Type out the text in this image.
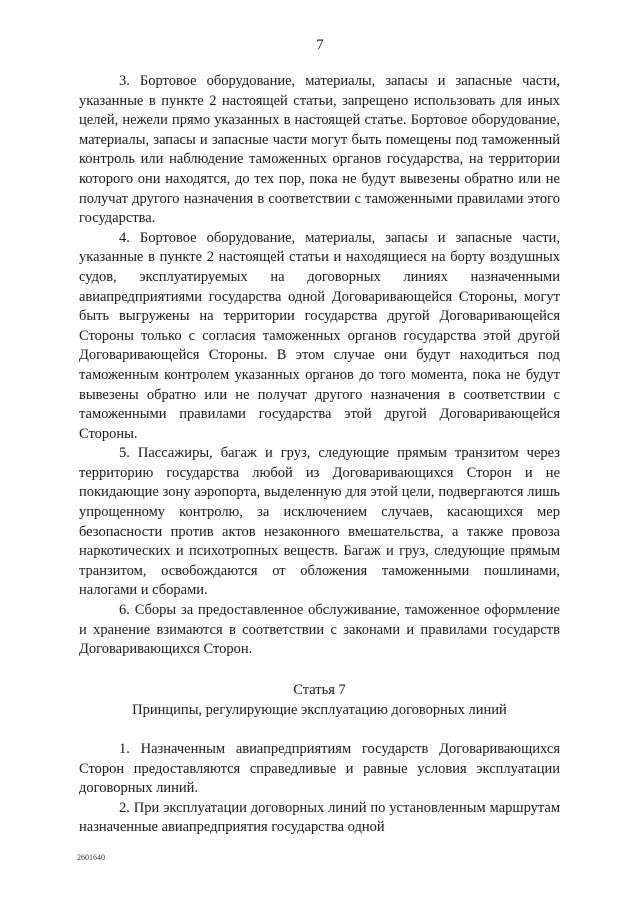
7

3. Бортовое оборудование, материалы, запасы и запасные части, указанные в пункте 2 настоящей статьи, запрещено использовать для иных целей, нежели прямо указанных в настоящей статье. Бортовое оборудование, материалы, запасы и запасные части могут быть помещены под таможенный контроль или наблюдение таможенных органов государства, на территории которого они находятся, до тех пор, пока не будут вывезены обратно или не получат другого назначения в соответствии с таможенными правилами этого государства.

4. Бортовое оборудование, материалы, запасы и запасные части, указанные в пункте 2 настоящей статьи и находящиеся на борту воздушных судов, эксплуатируемых на договорных линиях назначенными авиапредприятиями государства одной Договаривающейся Стороны, могут быть выгружены на территории государства другой Договаривающейся Стороны только с согласия таможенных органов государства этой другой Договаривающейся Стороны. В этом случае они будут находиться под таможенным контролем указанных органов до того момента, пока не будут вывезены обратно или не получат другого назначения в соответствии с таможенными правилами государства этой другой Договаривающейся Стороны.

5. Пассажиры, багаж и груз, следующие прямым транзитом через территорию государства любой из Договаривающихся Сторон и не покидающие зону аэропорта, выделенную для этой цели, подвергаются лишь упрощенному контролю, за исключением случаев, касающихся мер безопасности против актов незаконного вмешательства, а также провоза наркотических и психотропных веществ. Багаж и груз, следующие прямым транзитом, освобождаются от обложения таможенными пошлинами, налогами и сборами.

6. Сборы за предоставленное обслуживание, таможенное оформление и хранение взимаются в соответствии с законами и правилами государств Договаривающихся Сторон.

Статья 7

Принципы, регулирующие эксплуатацию договорных линий

1. Назначенным авиапредприятиям государств Договаривающихся Сторон предоставляются справедливые и равные условия эксплуатации договорных линий.

2. При эксплуатации договорных линий по установленным маршрутам назначенные авиапредприятия государства одной

2601640
